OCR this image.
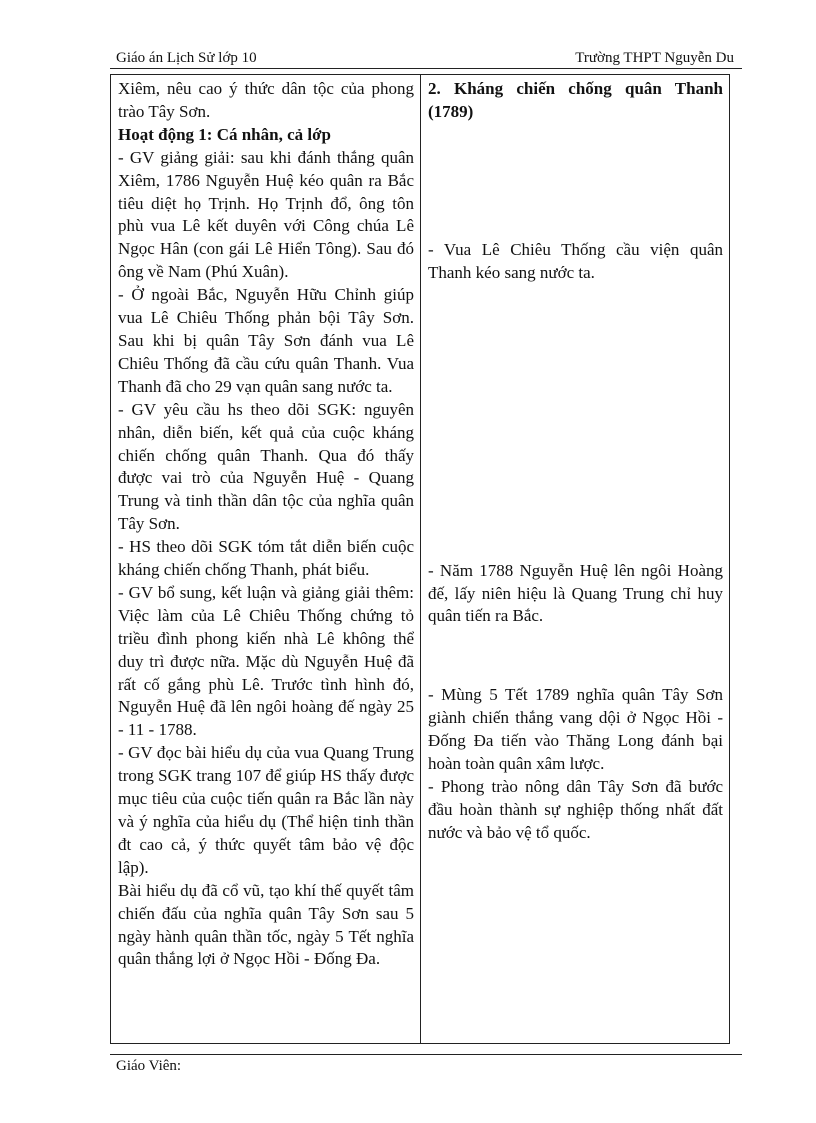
Giáo án Lịch Sử lớp 10	Trường THPT Nguyễn Du

Xiêm, nêu cao ý thức dân tộc của phong trào Tây Sơn.

Hoạt động 1: Cá nhân, cả lớp

- GV giảng giải: sau khi đánh thắng quân Xiêm, 1786 Nguyễn Huệ kéo quân ra Bắc tiêu diệt họ Trịnh. Họ Trịnh đổ, ông tôn phù vua Lê kết duyên với Công chúa Lê Ngọc Hân (con gái Lê Hiển Tông). Sau đó ông về Nam (Phú Xuân).

- Ở ngoài Bắc, Nguyễn Hữu Chỉnh giúp vua Lê Chiêu Thống phản bội Tây Sơn. Sau khi bị quân Tây Sơn đánh vua Lê Chiêu Thống đã cầu cứu quân Thanh. Vua Thanh đã cho 29 vạn quân sang nước ta.

- GV yêu cầu hs theo dõi SGK: nguyên nhân, diễn biến, kết quả của cuộc kháng chiến chống quân Thanh. Qua đó thấy được vai trò của Nguyễn Huệ - Quang Trung và tinh thần dân tộc của nghĩa quân Tây Sơn.

- HS theo dõi SGK tóm tắt diễn biến cuộc kháng chiến chống Thanh, phát biểu.

- GV bổ sung, kết luận và giảng giải thêm: Việc làm của Lê Chiêu Thống chứng tỏ triều đình phong kiến nhà Lê không thể duy trì được nữa. Mặc dù Nguyễn Huệ đã rất cố gắng phù Lê. Trước tình hình đó, Nguyễn Huệ đã lên ngôi hoàng đế ngày 25 - 11 - 1788.

- GV đọc bài hiểu dụ của vua Quang Trung trong SGK trang 107 để giúp HS thấy được mục tiêu của cuộc tiến quân ra Bắc lần này và ý nghĩa của hiểu dụ (Thể hiện tinh thần đt cao cả, ý thức quyết tâm bảo vệ độc lập).

Bài hiểu dụ đã cổ vũ, tạo khí thế quyết tâm chiến đấu của nghĩa quân Tây Sơn sau 5 ngày hành quân thần tốc, ngày 5 Tết nghĩa quân thắng lợi ở Ngọc Hồi - Đống Đa.

2. Kháng chiến chống quân Thanh (1789)

- Vua Lê Chiêu Thống cầu viện quân Thanh kéo sang nước ta.

- Năm 1788 Nguyễn Huệ lên ngôi Hoàng đế, lấy niên hiệu là Quang Trung chỉ huy quân tiến ra Bắc.

- Mùng 5 Tết 1789 nghĩa quân Tây Sơn giành chiến thắng vang dội ở Ngọc Hồi - Đống Đa tiến vào Thăng Long đánh bại hoàn toàn quân xâm lược.

- Phong trào nông dân Tây Sơn đã bước đầu hoàn thành sự nghiệp thống nhất đất nước và bảo vệ tổ quốc.

Giáo Viên:
